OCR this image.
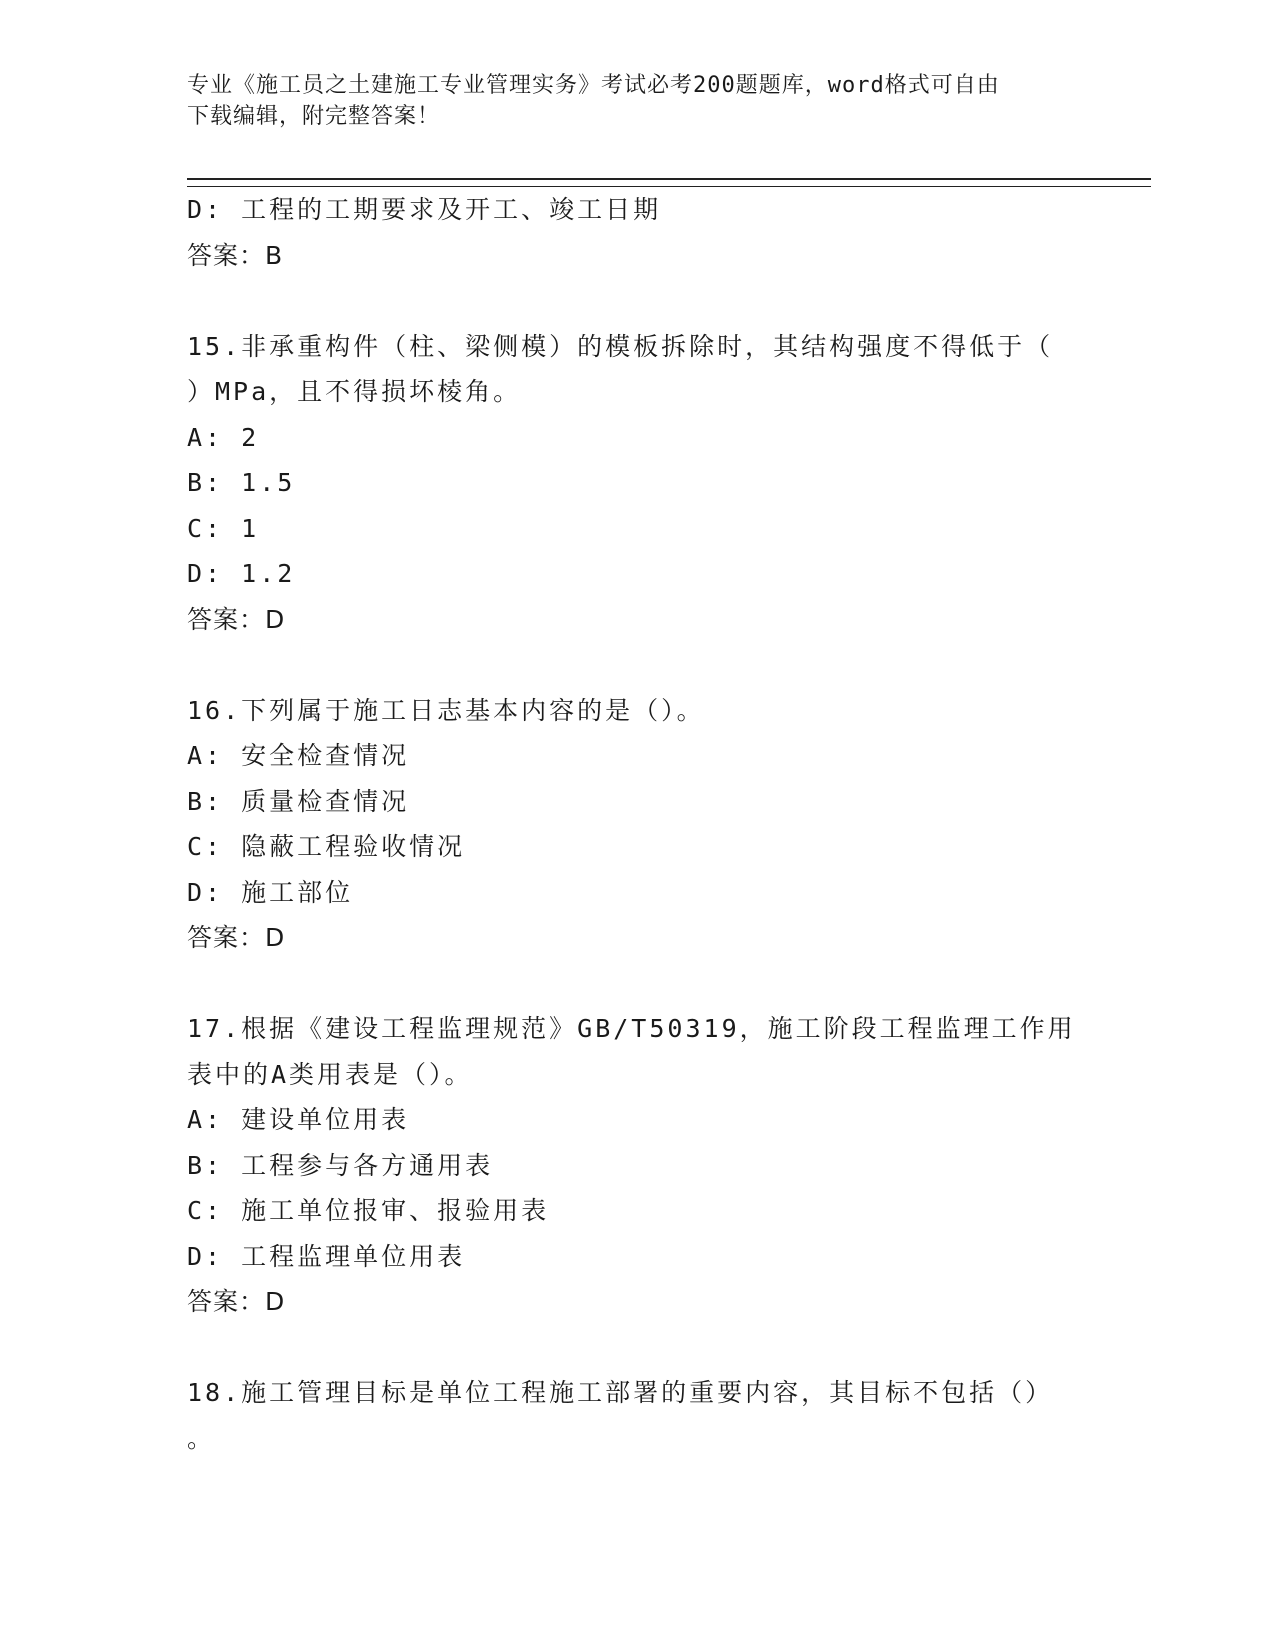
专业《施工员之土建施工专业管理实务》考试必考200题题库，word格式可自由
下载编辑，附完整答案！
D: 工程的工期要求及开工、竣工日期
答案：B
15.非承重构件（柱、梁侧模）的模板拆除时，其结构强度不得低于（
）MPa，且不得损坏棱角。
A: 2
B: 1.5
C: 1
D: 1.2
答案：D
16.下列属于施工日志基本内容的是（）。
A: 安全检查情况
B: 质量检查情况
C: 隐蔽工程验收情况
D: 施工部位
答案：D
17.根据《建设工程监理规范》GB/T50319，施工阶段工程监理工作用
表中的A类用表是（）。
A: 建设单位用表
B: 工程参与各方通用表
C: 施工单位报审、报验用表
D: 工程监理单位用表
答案：D
18.施工管理目标是单位工程施工部署的重要内容，其目标不包括（）
。
